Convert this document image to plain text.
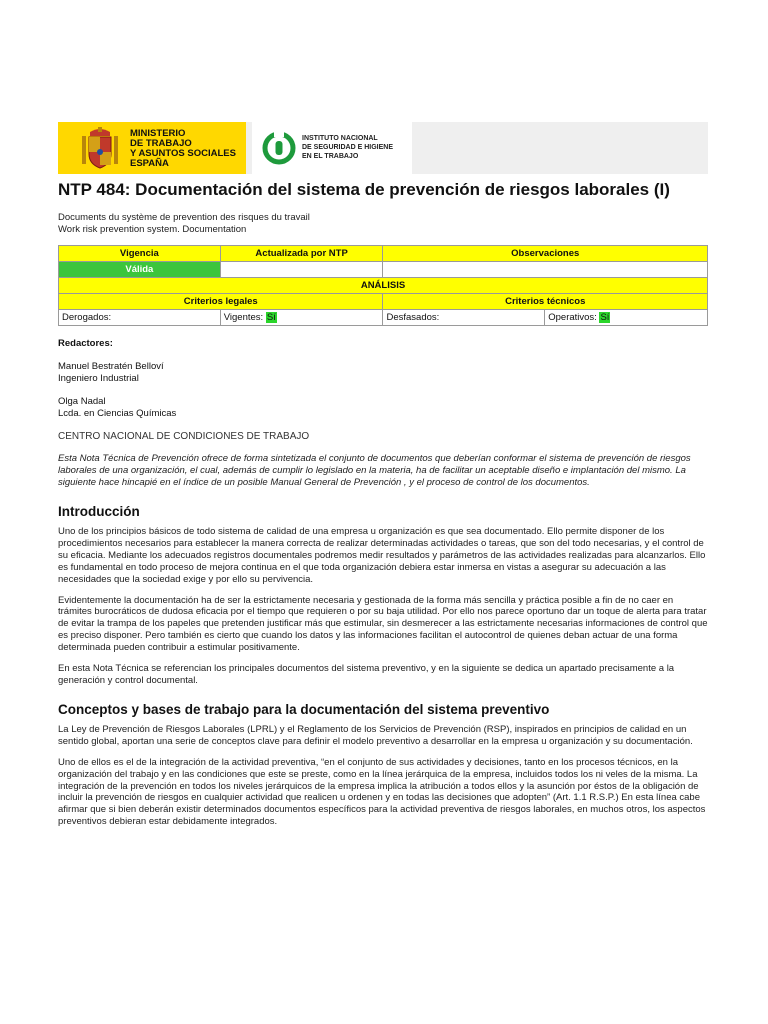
MINISTERIO
DE TRABAJO
Y ASUNTOS SOCIALES
ESPAÑA
INSTITUTO NACIONAL
DE SEGURIDAD E HIGIENE
EN EL TRABAJO
NTP 484: Documentación del sistema de prevención de riesgos laborales (I)
Documents du système de prevention des risques du travail
Work risk prevention system. Documentation
Vigencia	Actualizada por NTP	Observaciones	
Válida			
ANÁLISIS			
Criterios legales		Criterios técnicos	
Derogados:	Vigentes: Sí	Desfasados:	Operativos: Sí
Redactores:
Manuel Bestratén Belloví
Ingeniero Industrial
Olga Nadal
Lcda. en Ciencias Químicas
CENTRO NACIONAL DE CONDICIONES DE TRABAJO
Esta Nota Técnica de Prevención ofrece de forma sintetizada el conjunto de documentos que deberían conformar el sistema de prevención de riesgos laborales de una organización, el cual, además de cumplir lo legislado en la materia, ha de facilitar un aceptable diseño e implantación del mismo. La siguiente hace hincapié en el índice de un posible Manual General de Prevención , y el proceso de control de los documentos.
Introducción

Uno de los principios básicos de todo sistema de calidad de una empresa u organización es que sea documentado. Ello permite disponer de los procedimientos necesarios para establecer la manera correcta de realizar determinadas actividades o tareas, que son del todo necesarias, y el control de su eficacia. Mediante los adecuados registros documentales podremos medir resultados y parámetros de las actividades realizadas para alcanzarlos. Ello es fundamental en todo proceso de mejora continua en el que toda organización debiera estar inmersa en vistas a asegurar su adecuación a las necesidades que la sociedad exige y por ello su pervivencia.

Evidentemente la documentación ha de ser la estrictamente necesaria y gestionada de la forma más sencilla y práctica posible a fin de no caer en trámites burocráticos de dudosa eficacia por el tiempo que requieren o por su baja utilidad. Por ello nos parece oportuno dar un toque de alerta para tratar de evitar la trampa de los papeles que pretenden justificar más que estimular, sin desmerecer a las estrictamente necesarias informaciones de control que es preciso disponer. Pero también es cierto que cuando los datos y las informaciones facilitan el autocontrol de quienes deban actuar de una forma determinada pueden contribuir a estimular positivamente.

En esta Nota Técnica se referencian los principales documentos del sistema preventivo, y en la siguiente se dedica un apartado precisamente a la generación y control documental.

Conceptos y bases de trabajo para la documentación del sistema preventivo

La Ley de Prevención de Riesgos Laborales (LPRL) y el Reglamento de los Servicios de Prevención (RSP), inspirados en principios de calidad en un sentido global, aportan una serie de conceptos clave para definir el modelo preventivo a desarrollar en la empresa u organización y su documentación.

Uno de ellos es el de la integración de la actividad preventiva, “en el conjunto de sus actividades y decisiones, tanto en los procesos técnicos, en la organización del trabajo y en las condiciones que este se preste, como en la línea jerárquica de la empresa, incluidos todos los ni veles de la misma. La integración de la prevención en todos los niveles jerárquicos de la empresa implica la atribución a todos ellos y la asunción por éstos de la obligación de incluir la prevención de riesgos en cualquier actividad que realicen u ordenen y en todas las decisiones que adopten” (Art. 1.1 R.S.P.) En esta línea cabe afirmar que si bien deberán existir determinados documentos específicos para la actividad preventiva de riesgos laborales, en muchos otros, los aspectos preventivos debieran estar debidamente integrados.
